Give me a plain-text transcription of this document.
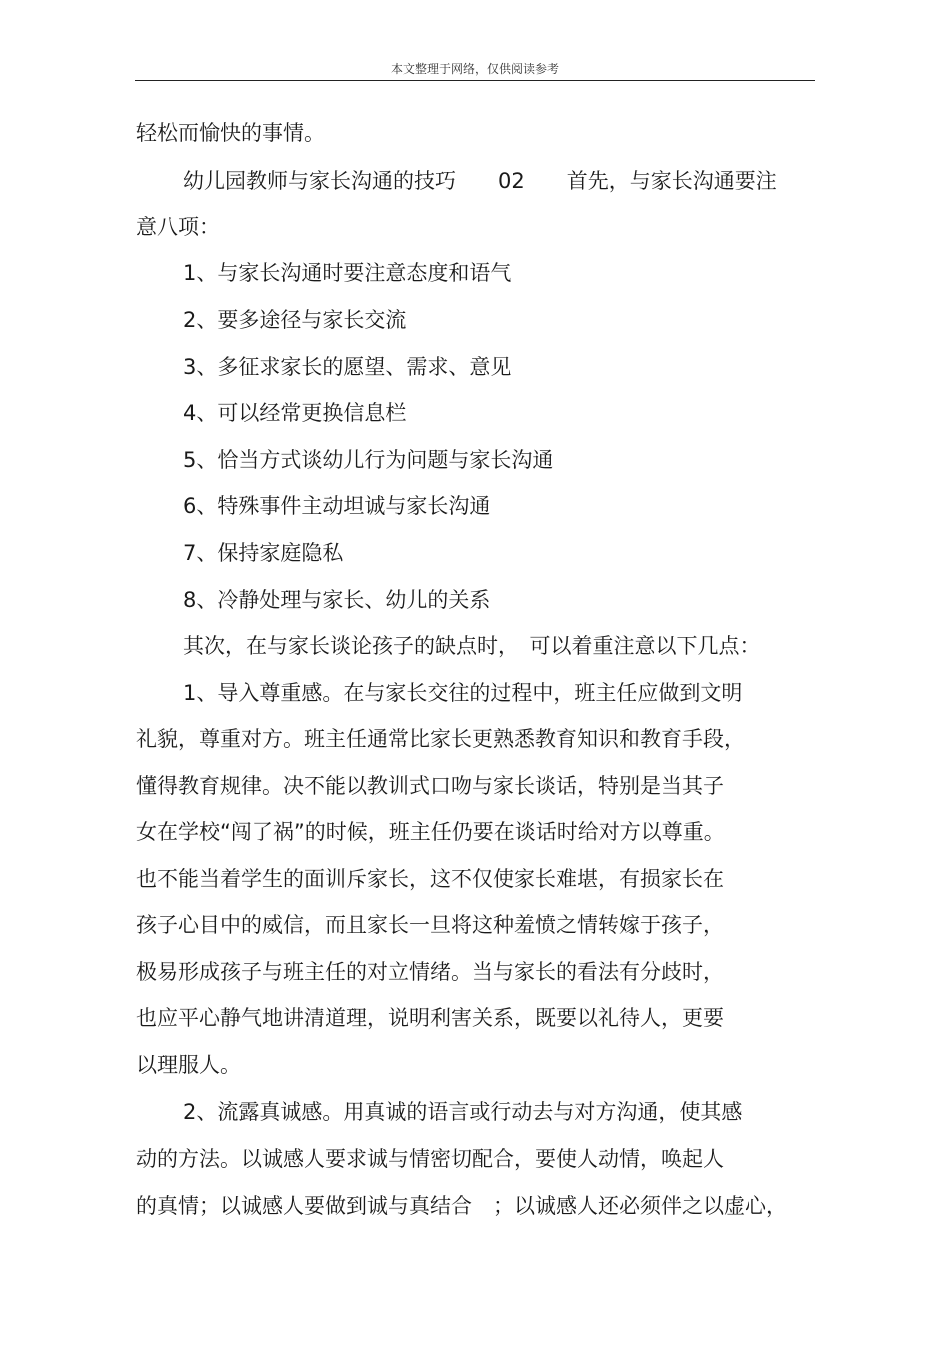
本文整理于网络，仅供阅读参考
轻松而愉快的事情。
幼儿园教师与家长沟通的技巧　　02　　首先，与家长沟通要注
意八项：
1、与家长沟通时要注意态度和语气
2、要多途径与家长交流
3、多征求家长的愿望、需求、意见
4、可以经常更换信息栏
5、恰当方式谈幼儿行为问题与家长沟通
6、特殊事件主动坦诚与家长沟通
7、保持家庭隐私
8、冷静处理与家长、幼儿的关系
其次，在与家长谈论孩子的缺点时，　可以着重注意以下几点：
1、导入尊重感。在与家长交往的过程中，班主任应做到文明
礼貌，尊重对方。班主任通常比家长更熟悉教育知识和教育手段，
懂得教育规律。决不能以教训式口吻与家长谈话，特别是当其子
女在学校“闯了祸”的时候，班主任仍要在谈话时给对方以尊重。
也不能当着学生的面训斥家长，这不仅使家长难堪，有损家长在
孩子心目中的威信，而且家长一旦将这种羞愤之情转嫁于孩子，
极易形成孩子与班主任的对立情绪。当与家长的看法有分歧时，
也应平心静气地讲清道理，说明利害关系，既要以礼待人，更要
以理服人。
2、流露真诚感。用真诚的语言或行动去与对方沟通，使其感
动的方法。以诚感人要求诚与情密切配合，要使人动情，唤起人
的真情；以诚感人要做到诚与真结合　；以诚感人还必须伴之以虚心，
